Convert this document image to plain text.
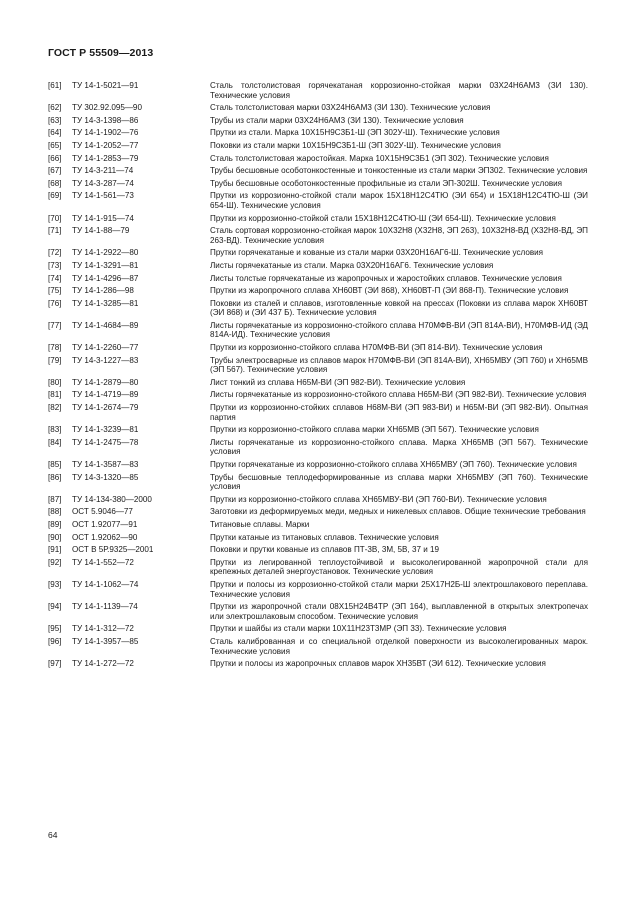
ГОСТ Р 55509—2013
[61]	ТУ 14-1-5021—91	Сталь толстолистовая горячекатаная коррозионно-стойкая марки 03Х24Н6АМ3 (ЗИ 130). Технические условия
[62]	ТУ 302.92.095—90	Сталь толстолистовая марки 03Х24Н6АМ3 (ЗИ 130). Технические условия
[63]	ТУ 14-3-1398—86	Трубы из стали марки 03Х24Н6АМ3 (ЗИ 130). Технические условия
[64]	ТУ 14-1-1902—76	Прутки из стали. Марка 10Х15Н9С3Б1-Ш (ЭП 302У-Ш). Технические условия
[65]	ТУ 14-1-2052—77	Поковки из стали марки 10Х15Н9С3Б1-Ш (ЭП 302У-Ш). Технические условия
[66]	ТУ 14-1-2853—79	Сталь толстолистовая жаростойкая. Марка 10Х15Н9С3Б1 (ЭП 302). Технические условия
[67]	ТУ 14-3-211—74	Трубы бесшовные особотонкостенные и тонкостенные из стали марки ЭП302. Технические условия
[68]	ТУ 14-3-287—74	Трубы бесшовные особотонкостенные профильные из стали ЭП-302Ш. Технические условия
[69]	ТУ 14-1-561—73	Прутки из коррозионно-стойкой стали марок 15Х18Н12С4ТЮ (ЭИ 654) и 15Х18Н12С4ТЮ-Ш (ЭИ 654-Ш). Технические условия
[70]	ТУ 14-1-915—74	Прутки из коррозионно-стойкой стали 15Х18Н12С4ТЮ-Ш (ЭИ 654-Ш). Технические условия
[71]	ТУ 14-1-88—79	Сталь сортовая коррозионно-стойкая марок 10Х32Н8 (Х32Н8, ЭП 263), 10Х32Н8-ВД (Х32Н8-ВД, ЭП 263-ВД). Технические условия
[72]	ТУ 14-1-2922—80	Прутки горячекатаные и кованые из стали марки 03Х20Н16АГ6-Ш. Технические условия
[73]	ТУ 14-1-3291—81	Листы горячекатаные из стали. Марка 03Х20Н16АГ6. Технические условия
[74]	ТУ 14-1-4296—87	Листы толстые горячекатаные из жаропрочных и жаростойких сплавов. Технические условия
[75]	ТУ 14-1-286—98	Прутки из жаропрочного сплава ХН60ВТ (ЭИ 868), ХН60ВТ-П (ЭИ 868-П). Технические условия
[76]	ТУ 14-1-3285—81	Поковки из сталей и сплавов, изготовленные ковкой на прессах (Поковки из сплава марок ХН60ВТ (ЭИ 868) и (ЭИ 437 Б). Технические условия
[77]	ТУ 14-1-4684—89	Листы горячекатаные из коррозионно-стойкого сплава Н70МФВ-ВИ (ЭП 814А-ВИ), Н70МФВ-ИД (ЭД 814А-ИД). Технические условия
[78]	ТУ 14-1-2260—77	Прутки из коррозионно-стойкого сплава Н70МФВ-ВИ (ЭП 814-ВИ). Технические условия
[79]	ТУ 14-3-1227—83	Трубы электросварные из сплавов марок Н70МФВ-ВИ (ЭП 814А-ВИ), ХН65МВУ (ЭП 760) и ХН65МВ (ЭП 567). Технические условия
[80]	ТУ 14-1-2879—80	Лист тонкий из сплава Н65М-ВИ (ЭП 982-ВИ). Технические условия
[81]	ТУ 14-1-4719—89	Листы горячекатаные из коррозионно-стойкого сплава Н65М-ВИ (ЭП 982-ВИ). Технические условия
[82]	ТУ 14-1-2674—79	Прутки из коррозионно-стойких сплавов Н68М-ВИ (ЭП 983-ВИ) и Н65М-ВИ (ЭП 982-ВИ). Опытная партия
[83]	ТУ 14-1-3239—81	Прутки из коррозионно-стойкого сплава марки ХН65МВ (ЭП 567). Технические условия
[84]	ТУ 14-1-2475—78	Листы горячекатаные из коррозионно-стойкого сплава. Марка ХН65МВ (ЭП 567). Технические условия
[85]	ТУ 14-1-3587—83	Прутки горячекатаные из коррозионно-стойкого сплава ХН65МВУ (ЭП 760). Технические условия
[86]	ТУ 14-3-1320—85	Трубы бесшовные теплодеформированные из сплава марки ХН65МВУ (ЭП 760). Технические условия
[87]	ТУ 14-134-380—2000	Прутки из коррозионно-стойкого сплава ХН65МВУ-ВИ (ЭП 760-ВИ). Технические условия
[88]	ОСТ 5.9046—77	Заготовки из деформируемых меди, медных и никелевых сплавов. Общие технические требования
[89]	ОСТ 1.92077—91	Титановые сплавы. Марки
[90]	ОСТ 1.92062—90	Прутки катаные из титановых сплавов. Технические условия
[91]	ОСТ В 5Р.9325—2001	Поковки и прутки кованые из сплавов ПТ-3В, 3М, 5В, 37 и 19
[92]	ТУ 14-1-552—72	Прутки из легированной теплоустойчивой и высоколегированной жаропрочной стали для крепежных деталей энергоустановок. Технические условия
[93]	ТУ 14-1-1062—74	Прутки и полосы из коррозионно-стойкой стали марки 25Х17Н2Б-Ш электрошлакового переплава. Технические условия
[94]	ТУ 14-1-1139—74	Прутки из жаропрочной стали 08Х15Н24В4ТР (ЭП 164), выплавленной в открытых электропечах или электрошлаковым способом. Технические условия
[95]	ТУ 14-1-312—72	Прутки и шайбы из стали марки 10Х11Н23Т3МР (ЭП 33). Технические условия
[96]	ТУ 14-1-3957—85	Сталь калиброванная и со специальной отделкой поверхности из высоколегированных марок. Технические условия
[97]	ТУ 14-1-272—72	Прутки и полосы из жаропрочных сплавов марок ХН35ВТ (ЭИ 612). Технические условия
64
